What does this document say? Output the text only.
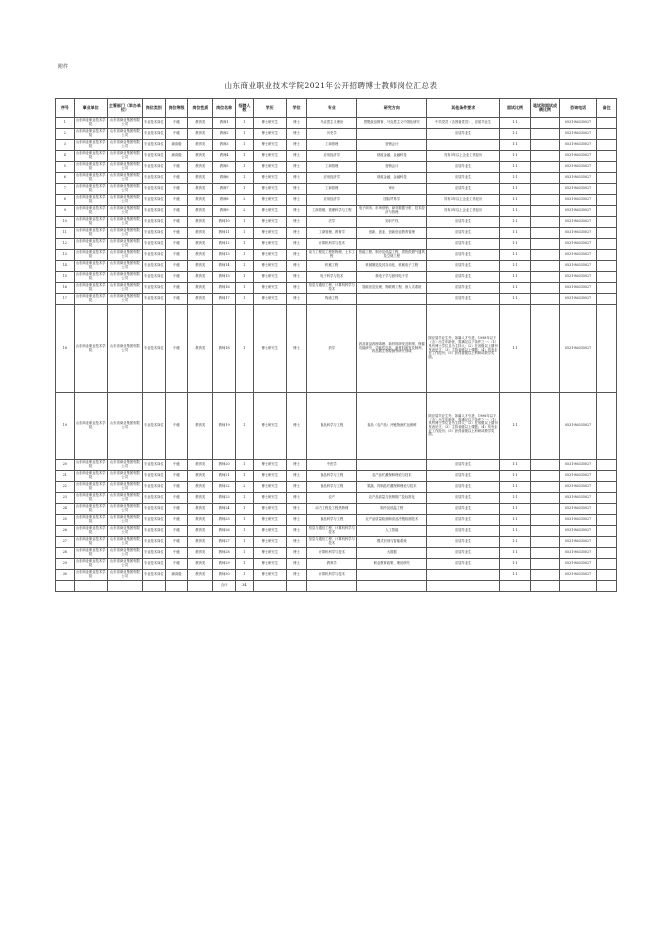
附件
山东商业职业技术学院2021年公开招聘博士教师岗位汇总表
序号	事业单位	主管部门（举办单位）	岗位类别	岗位等级	岗位性质	岗位名称	招聘人数	学历	学位	专业	研究方向	其他条件要求	面试比例	笔试和面试成绩比例	咨询电话	备注
1	山东商业职业技术学院	山东省商业集团有限公司	专业技术岗位	中级	教育类	教师1	1	博士研究生	博士	马克思主义理论	思想政治教育、马克思主义中国化研究	中共党员（含预备党员），应届毕业生	1:1		0531-86335027	
2	山东商业职业技术学院	山东省商业集团有限公司	专业技术岗位	中级	教育类	教师2	1	博士研究生	博士	历史学		应届毕业生	1:1		0531-86335027	
3	山东商业职业技术学院	山东省商业集团有限公司	专业技术岗位	副高级	教育类	教师3	1	博士研究生	博士	工商管理	营销会计		1:1		0531-86335027	
4	山东商业职业技术学院	山东省商业集团有限公司	专业技术岗位	副高级	教育类	教师4	1	博士研究生	博士	应用经济学	财政金融、金融科技	具有3年以上企业工作经历	1:1		0531-86335027	
5	山东商业职业技术学院	山东省商业集团有限公司	专业技术岗位	中级	教育类	教师5	1	博士研究生	博士	工商管理	营销会计	应届毕业生	1:1		0531-86335027	
6	山东商业职业技术学院	山东省商业集团有限公司	专业技术岗位	中级	教育类	教师6	1	博士研究生	博士	应用经济学	财政金融、金融科技	应届毕业生	1:1		0531-86335027	
7	山东商业职业技术学院	山东省商业集团有限公司	专业技术岗位	中级	教育类	教师7	1	博士研究生	博士	工商管理	审计	应届毕业生	1:1		0531-86335027	
8	山东商业职业技术学院	山东省商业集团有限公司	专业技术岗位	中级	教育类	教师8	2	博士研究生	博士	应用经济学	国际贸易学	具有3年以上企业工作经历	1:1		0531-86335027	
9	山东商业职业技术学院	山东省商业集团有限公司	专业技术岗位	中级	教育类	教师9	2	博士研究生	博士	工商管理、管理科学与工程	电子商务、市场营销、商务数据分析、技术经济与管理	具有3年以上企业工作经历	1:1		0531-86335027	
10	山东商业职业技术学院	山东省商业集团有限公司	专业技术岗位	中级	教育类	教师10	1	博士研究生	博士	法学	知识产权	应届毕业生	1:1		0531-86335027	
11	山东商业职业技术学院	山东省商业集团有限公司	专业技术岗位	中级	教育类	教师11	1	博士研究生	博士	工商管理、教育学	创新、创业、创新创业教育管理	应届毕业生	1:1		0531-86335027	
12	山东商业职业技术学院	山东省商业集团有限公司	专业技术岗位	中级	教育类	教师12	1	博士研究生	博士	计算机科学与技术		应届毕业生	1:1		0531-86335027	
13	山东商业职业技术学院	山东省商业集团有限公司	专业技术岗位	中级	教育类	教师13	1	博士研究生	博士	动力工程及工程热物理、土木工程	热能工程、制冷及低温工程、供热供燃气通风及空调工程	应届毕业生	1:1		0531-86335027	
14	山东商业职业技术学院	山东省商业集团有限公司	专业技术岗位	中级	教育类	教师14	1	博士研究生	博士	机械工程	机械制造及其自动化、机械电子工程	应届毕业生	1:1		0531-86335027	
15	山东商业职业技术学院	山东省商业集团有限公司	专业技术岗位	中级	教育类	教师15	1	博士研究生	博士	电子科学与技术	微电子学与固体电子学	应届毕业生	1:1		0531-86335027	
16	山东商业职业技术学院	山东省商业集团有限公司	专业技术岗位	中级	教育类	教师16	1	博士研究生	博士	信息与通信工程、计算机科学与技术	智能信息处理、物联网工程、嵌入式系统	应届毕业生	1:1		0531-86335027	
17	山东商业职业技术学院	山东省商业集团有限公司	专业技术岗位	中级	教育类	教师17	1	博士研究生	博士	物流工程		应届毕业生	1:1		0531-86335027	
18	山东商业职业技术学院	山东省商业集团有限公司	专业技术岗位	中级	教育类	教师18	1	博士研究生	博士	药学	药品食品药理毒理、新材料研发及制剂、保健功能研究、功能性饮品、新材料研发及制剂、药品微生物检测等研究领域	除应届毕业生外，如属人才引进，1998年以下（含）出生年龄者，需满足以下条件之一：（1）具有博士学位且为主持人;（2）在省级以上期刊发表论文;（3）主持省级以上课题;（4）具有企业工作经历;（5）获得省级以上科研或教学奖励。	1:1		0531-86335027	
19	山东商业职业技术学院	山东省商业集团有限公司	专业技术岗位	中级	教育类	教师19	1	博士研究生	博士	食品科学与工程	食品（农产品）冷链物流贮运保鲜	除应届毕业生外，如属人才引进，1998年以下（含）出生年龄者，需满足以下条件之一：（1）具有博士学位且为主持人;（2）在省级以上期刊发表论文;（3）主持省级以上课题;（4）具有企业工作经历;（5）获得省级以上科研或教学奖励。	1:1		0531-86335027	
20	山东商业职业技术学院	山东省商业集团有限公司	专业技术岗位	中级	教育类	教师20	1	博士研究生	博士	中医学		应届毕业生	1:1		0531-86335027	
21	山东商业职业技术学院	山东省商业集团有限公司	专业技术岗位	中级	教育类	教师21	1	博士研究生	博士	食品科学与工程	农产品贮藏保鲜理论与技术	应届毕业生	1:1		0531-86335027	
22	山东商业职业技术学院	山东省商业集团有限公司	专业技术岗位	中级	教育类	教师22	2	博士研究生	博士	食品科学与工程	果蔬、肉制品贮藏保鲜理论与技术	应届毕业生	1:1		0531-86335027	
23	山东商业职业技术学院	山东省商业集团有限公司	专业技术岗位	中级	教育类	教师23	1	博士研究生	博士	农产	农产品质量与营销推广及标准化	应届毕业生	1:1		0531-86335027	
24	山东商业职业技术学院	山东省商业集团有限公司	专业技术岗位	中级	教育类	教师24	1	博士研究生	博士	动力工程及工程热物理	制冷及低温工程	应届毕业生	1:1		0531-86335027	
25	山东商业职业技术学院	山东省商业集团有限公司	专业技术岗位	中级	教育类	教师25	1	博士研究生	博士	食品科学与工程	农产品质量检测和食品冷链检测技术	应届毕业生	1:1		0531-86335027	
26	山东商业职业技术学院	山东省商业集团有限公司	专业技术岗位	中级	教育类	教师26	1	博士研究生	博士	信息与通信工程、计算机科学与技术	人工智能	应届毕业生	1:1		0531-86335027	
27	山东商业职业技术学院	山东省商业集团有限公司	专业技术岗位	中级	教育类	教师27	1	博士研究生	博士	信息与通信工程、计算机科学与技术	模式识别与智能系统	应届毕业生	1:1		0531-86335027	
28	山东商业职业技术学院	山东省商业集团有限公司	专业技术岗位	中级	教育类	教师28	1	博士研究生	博士	计算机科学与技术	大数据	应届毕业生	1:1		0531-86335027	
29	山东商业职业技术学院	山东省商业集团有限公司	专业技术岗位	中级	教育类	教师29	1	博士研究生	博士	教育学	职业教育政策、理论研究	应届毕业生	1:1		0531-86335027	
30	山东商业职业技术学院	山东省商业集团有限公司	专业技术岗位	副高级	教育类	教师30	1	博士研究生	博士	计算机科学与技术			1:1		0531-86335027	
						合计	34									
